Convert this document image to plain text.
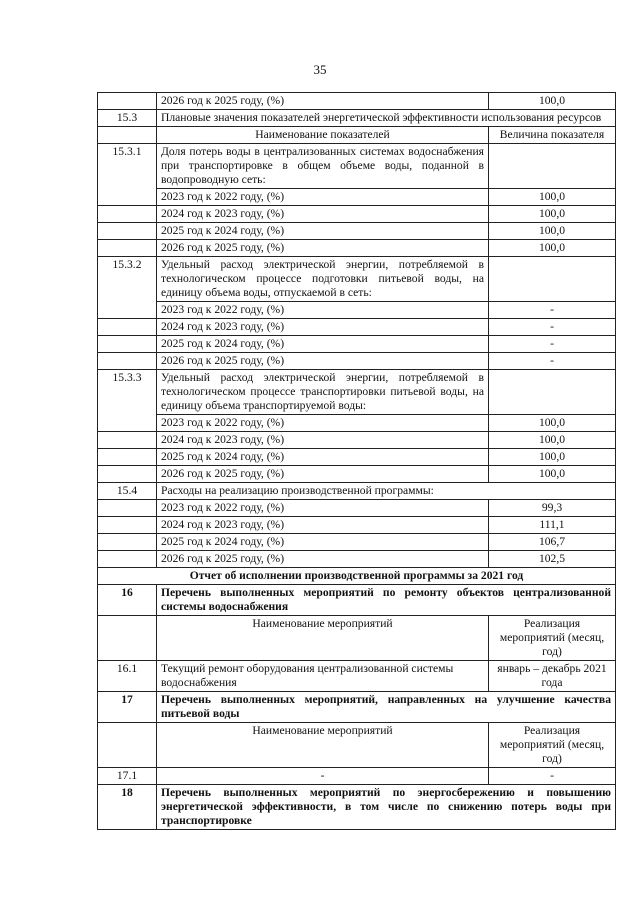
35
	2026 год к 2025 году, (%)	100,0
15.3	Плановые значения показателей энергетической эффективности использования ресурсов	
	Наименование показателей	Величина показателя
15.3.1	Доля потерь воды в централизованных системах водоснабжения при транспортировке в общем объеме воды, поданной в водопроводную сеть:	
	2023 год к 2022 году, (%)	100,0
	2024 год к 2023 году, (%)	100,0
	2025 год к 2024 году, (%)	100,0
	2026 год к 2025 году, (%)	100,0
15.3.2	Удельный расход электрической энергии, потребляемой в технологическом процессе подготовки питьевой воды, на единицу объема воды, отпускаемой в сеть:	
	2023 год к 2022 году, (%)	-
	2024 год к 2023 году, (%)	-
	2025 год к 2024 году, (%)	-
	2026 год к 2025 году, (%)	-
15.3.3	Удельный расход электрической энергии, потребляемой в технологическом процессе транспортировки питьевой воды, на единицу объема транспортируемой воды:	
	2023 год к 2022 году, (%)	100,0
	2024 год к 2023 году, (%)	100,0
	2025 год к 2024 году, (%)	100,0
	2026 год к 2025 году, (%)	100,0
15.4	Расходы на реализацию производственной программы:	
	2023 год к 2022 году, (%)	99,3
	2024 год к 2023 году, (%)	111,1
	2025 год к 2024 году, (%)	106,7
	2026 год к 2025 году, (%)	102,5
Отчет об исполнении производственной программы за 2021 год		
16	Перечень выполненных мероприятий по ремонту объектов централизованной системы водоснабжения	
	Наименование мероприятий	Реализация мероприятий (месяц, год)
16.1	Текущий ремонт оборудования централизованной системы водоснабжения	январь – декабрь 2021 года
17	Перечень выполненных мероприятий, направленных на улучшение качества питьевой воды	
	Наименование мероприятий	Реализация мероприятий (месяц, год)
17.1	-	-
18	Перечень выполненных мероприятий по энергосбережению и повышению энергетической эффективности, в том числе по снижению потерь воды при транспортировке	
